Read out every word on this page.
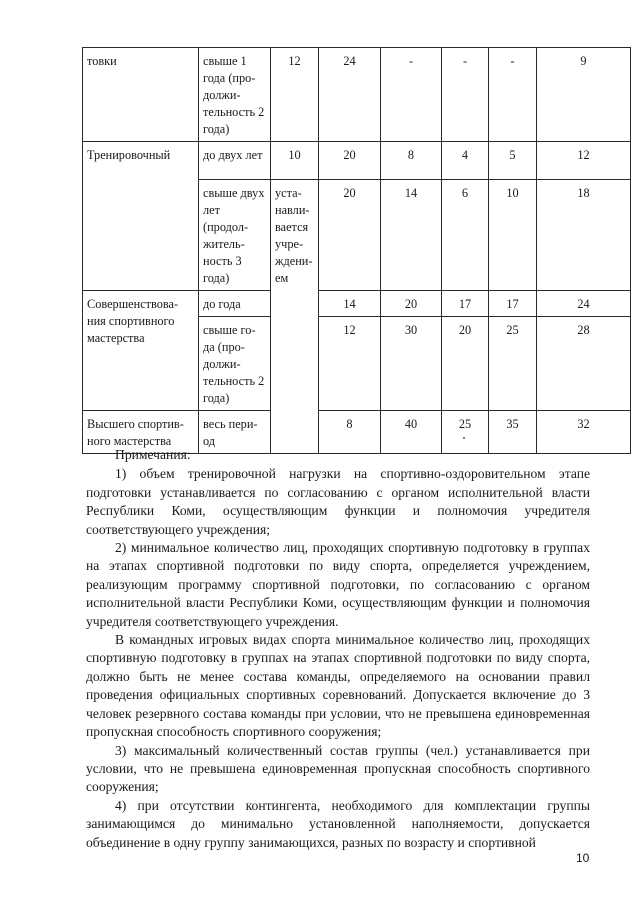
товки	свыше 1 года (про-должи-тельность 2 года)	12	24	-	-	-	9
Тренировочный	до двух лет	10	20	8	4	5	12
	свыше двух лет (продол-житель-ность 3 года)	уста-навли-вается учре-ждени-ем	20	14	6	10	18
Совершенствова-ния спортивного мастерства	до года		14	20	17	17	24
	свыше го-да (про-должи-тельность 2 года)		12	30	20	25	28
Высшего спортив-ного мастерства	весь пери-од		8	40	25	35	32

Примечания:

1) объем тренировочной нагрузки на спортивно-оздоровительном этапе подготовки устанавливается по согласованию с органом исполнительной власти Республики Коми, осуществляющим функции и полномочия учредителя соответствующего учреждения;

2) минимальное количество лиц, проходящих спортивную подготовку в группах на этапах спортивной подготовки по виду спорта, определяется учреждением, реализующим программу спортивной подготовки, по согласованию с органом исполнительной власти Республики Коми, осуществляющим функции и полномочия учредителя соответствующего учреждения.

В командных игровых видах спорта минимальное количество лиц, проходящих спортивную подготовку в группах на этапах спортивной подготовки по виду спорта, должно быть не менее состава команды, определяемого на основании правил проведения официальных спортивных соревнований. Допускается включение до 3 человек резервного состава команды при условии, что не превышена единовременная пропускная способность спортивного сооружения;

3) максимальный количественный состав группы (чел.) устанавливается при условии, что не превышена единовременная пропускная способность спортивного сооружения;

4) при отсутствии контингента, необходимого для комплектации группы занимающимся до минимально установленной наполняемости, допускается объединение в одну группу занимающихся, разных по возрасту и спортивной

10
